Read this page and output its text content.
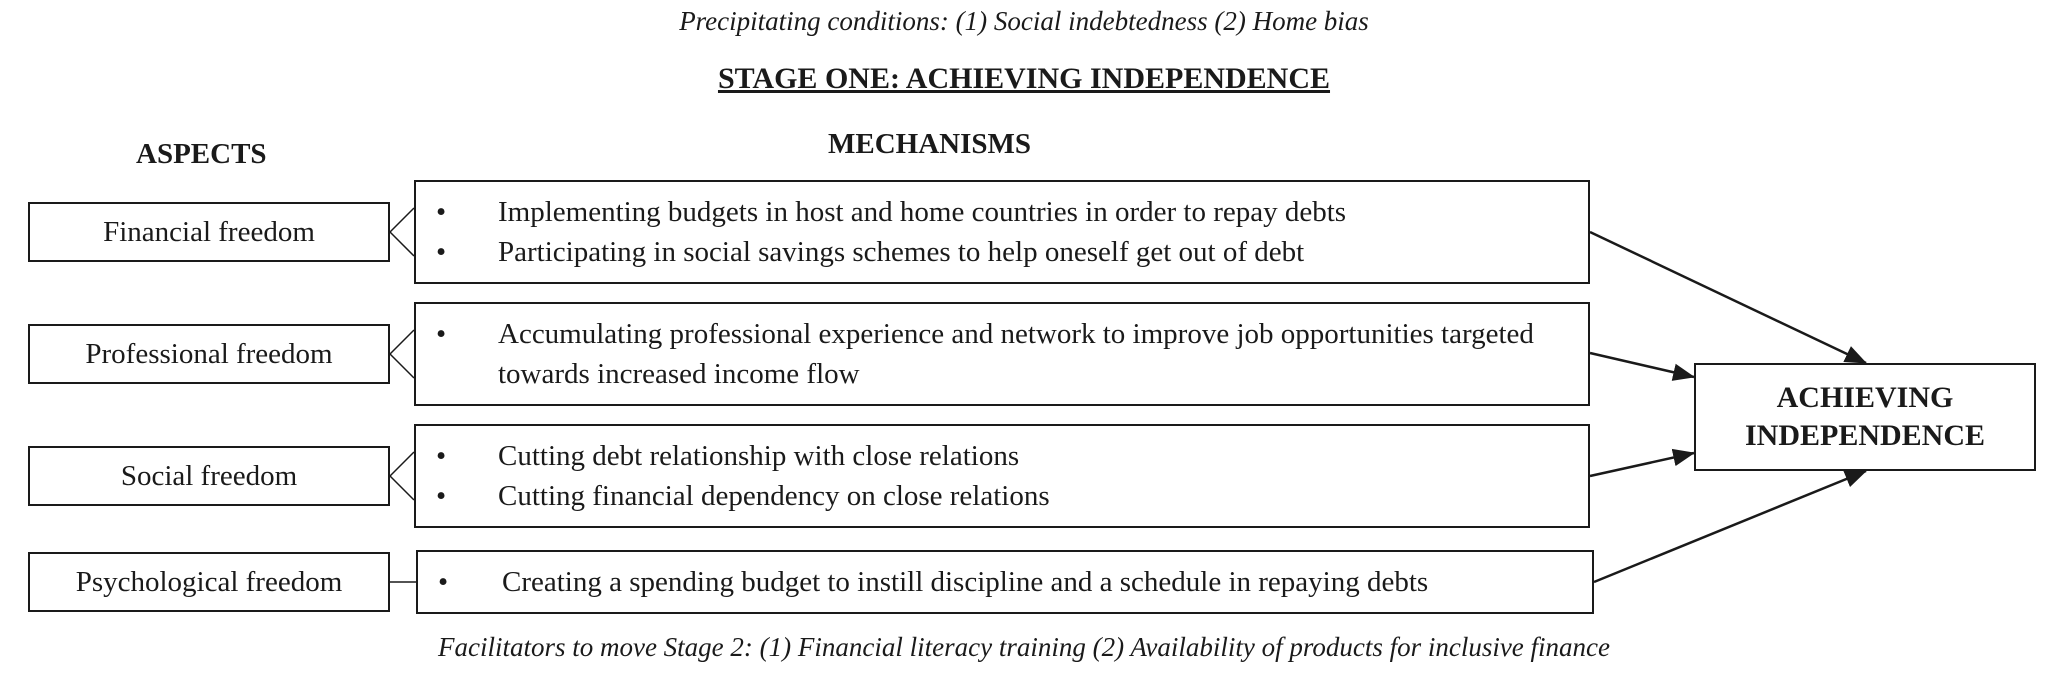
Precipitating conditions: (1) Social indebtedness (2) Home bias
STAGE ONE: ACHIEVING INDEPENDENCE
ASPECTS	MECHANISMS
Financial freedom
• Implementing budgets in host and home countries in order to repay debts
• Participating in social savings schemes to help oneself get out of debt
Professional freedom
• Accumulating professional experience and network to improve job opportunities targeted towards increased income flow
Social freedom
• Cutting debt relationship with close relations
• Cutting financial dependency on close relations
Psychological freedom	• Creating a spending budget to instill discipline and a schedule in repaying debts
ACHIEVING
INDEPENDENCE
Facilitators to move Stage 2: (1) Financial literacy training (2) Availability of products for inclusive finance
